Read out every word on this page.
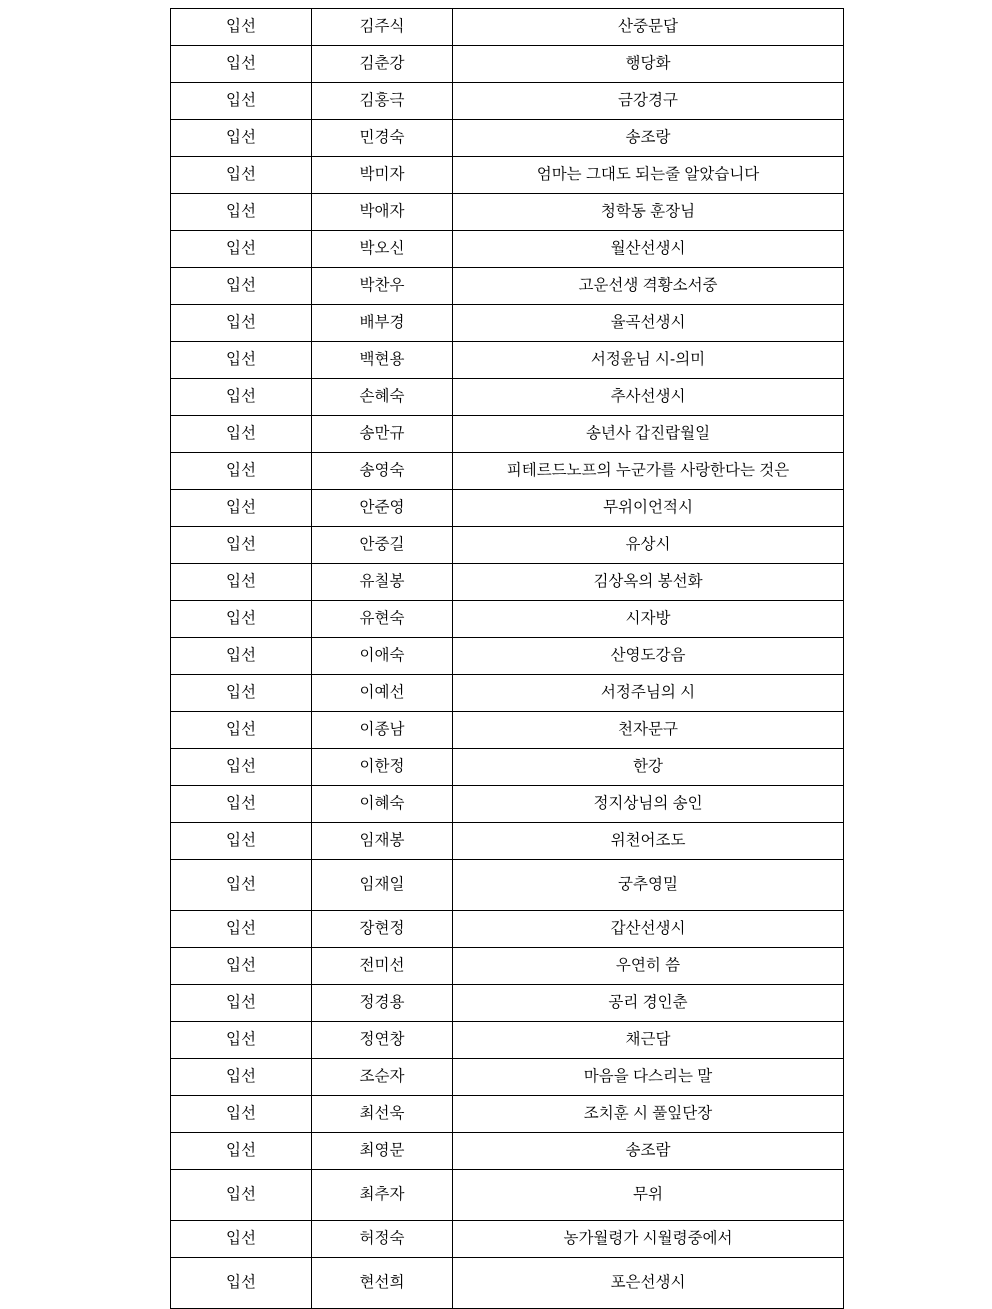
입선	김주식	산중문답
입선	김춘강	행당화
입선	김홍극	금강경구
입선	민경숙	송조랑
입선	박미자	엄마는 그대도 되는줄 알았습니다
입선	박애자	청학동 훈장님
입선	박오신	월산선생시
입선	박찬우	고운선생 격황소서중
입선	배부경	율곡선생시
입선	백현용	서정윤님 시-의미
입선	손혜숙	추사선생시
입선	송만규	송년사 갑진랍월일
입선	송영숙	피테르드노프의 누군가를 사랑한다는 것은
입선	안준영	무위이언적시
입선	안중길	유상시
입선	유칠봉	김상옥의 봉선화
입선	유현숙	시자방
입선	이애숙	산영도강음
입선	이예선	서정주님의 시
입선	이종남	천자문구
입선	이한정	한강
입선	이혜숙	정지상님의 송인
입선	임재봉	위천어조도
입선	임재일	궁추영밀
입선	장현정	갑산선생시
입선	전미선	우연히 씀
입선	정경용	공리 경인춘
입선	정연창	채근담
입선	조순자	마음을 다스리는 말
입선	최선욱	조치훈 시 풀잎단장
입선	최영문	송조람
입선	최추자	무위
입선	허정숙	농가월령가 시월령중에서
입선	현선희	포은선생시
